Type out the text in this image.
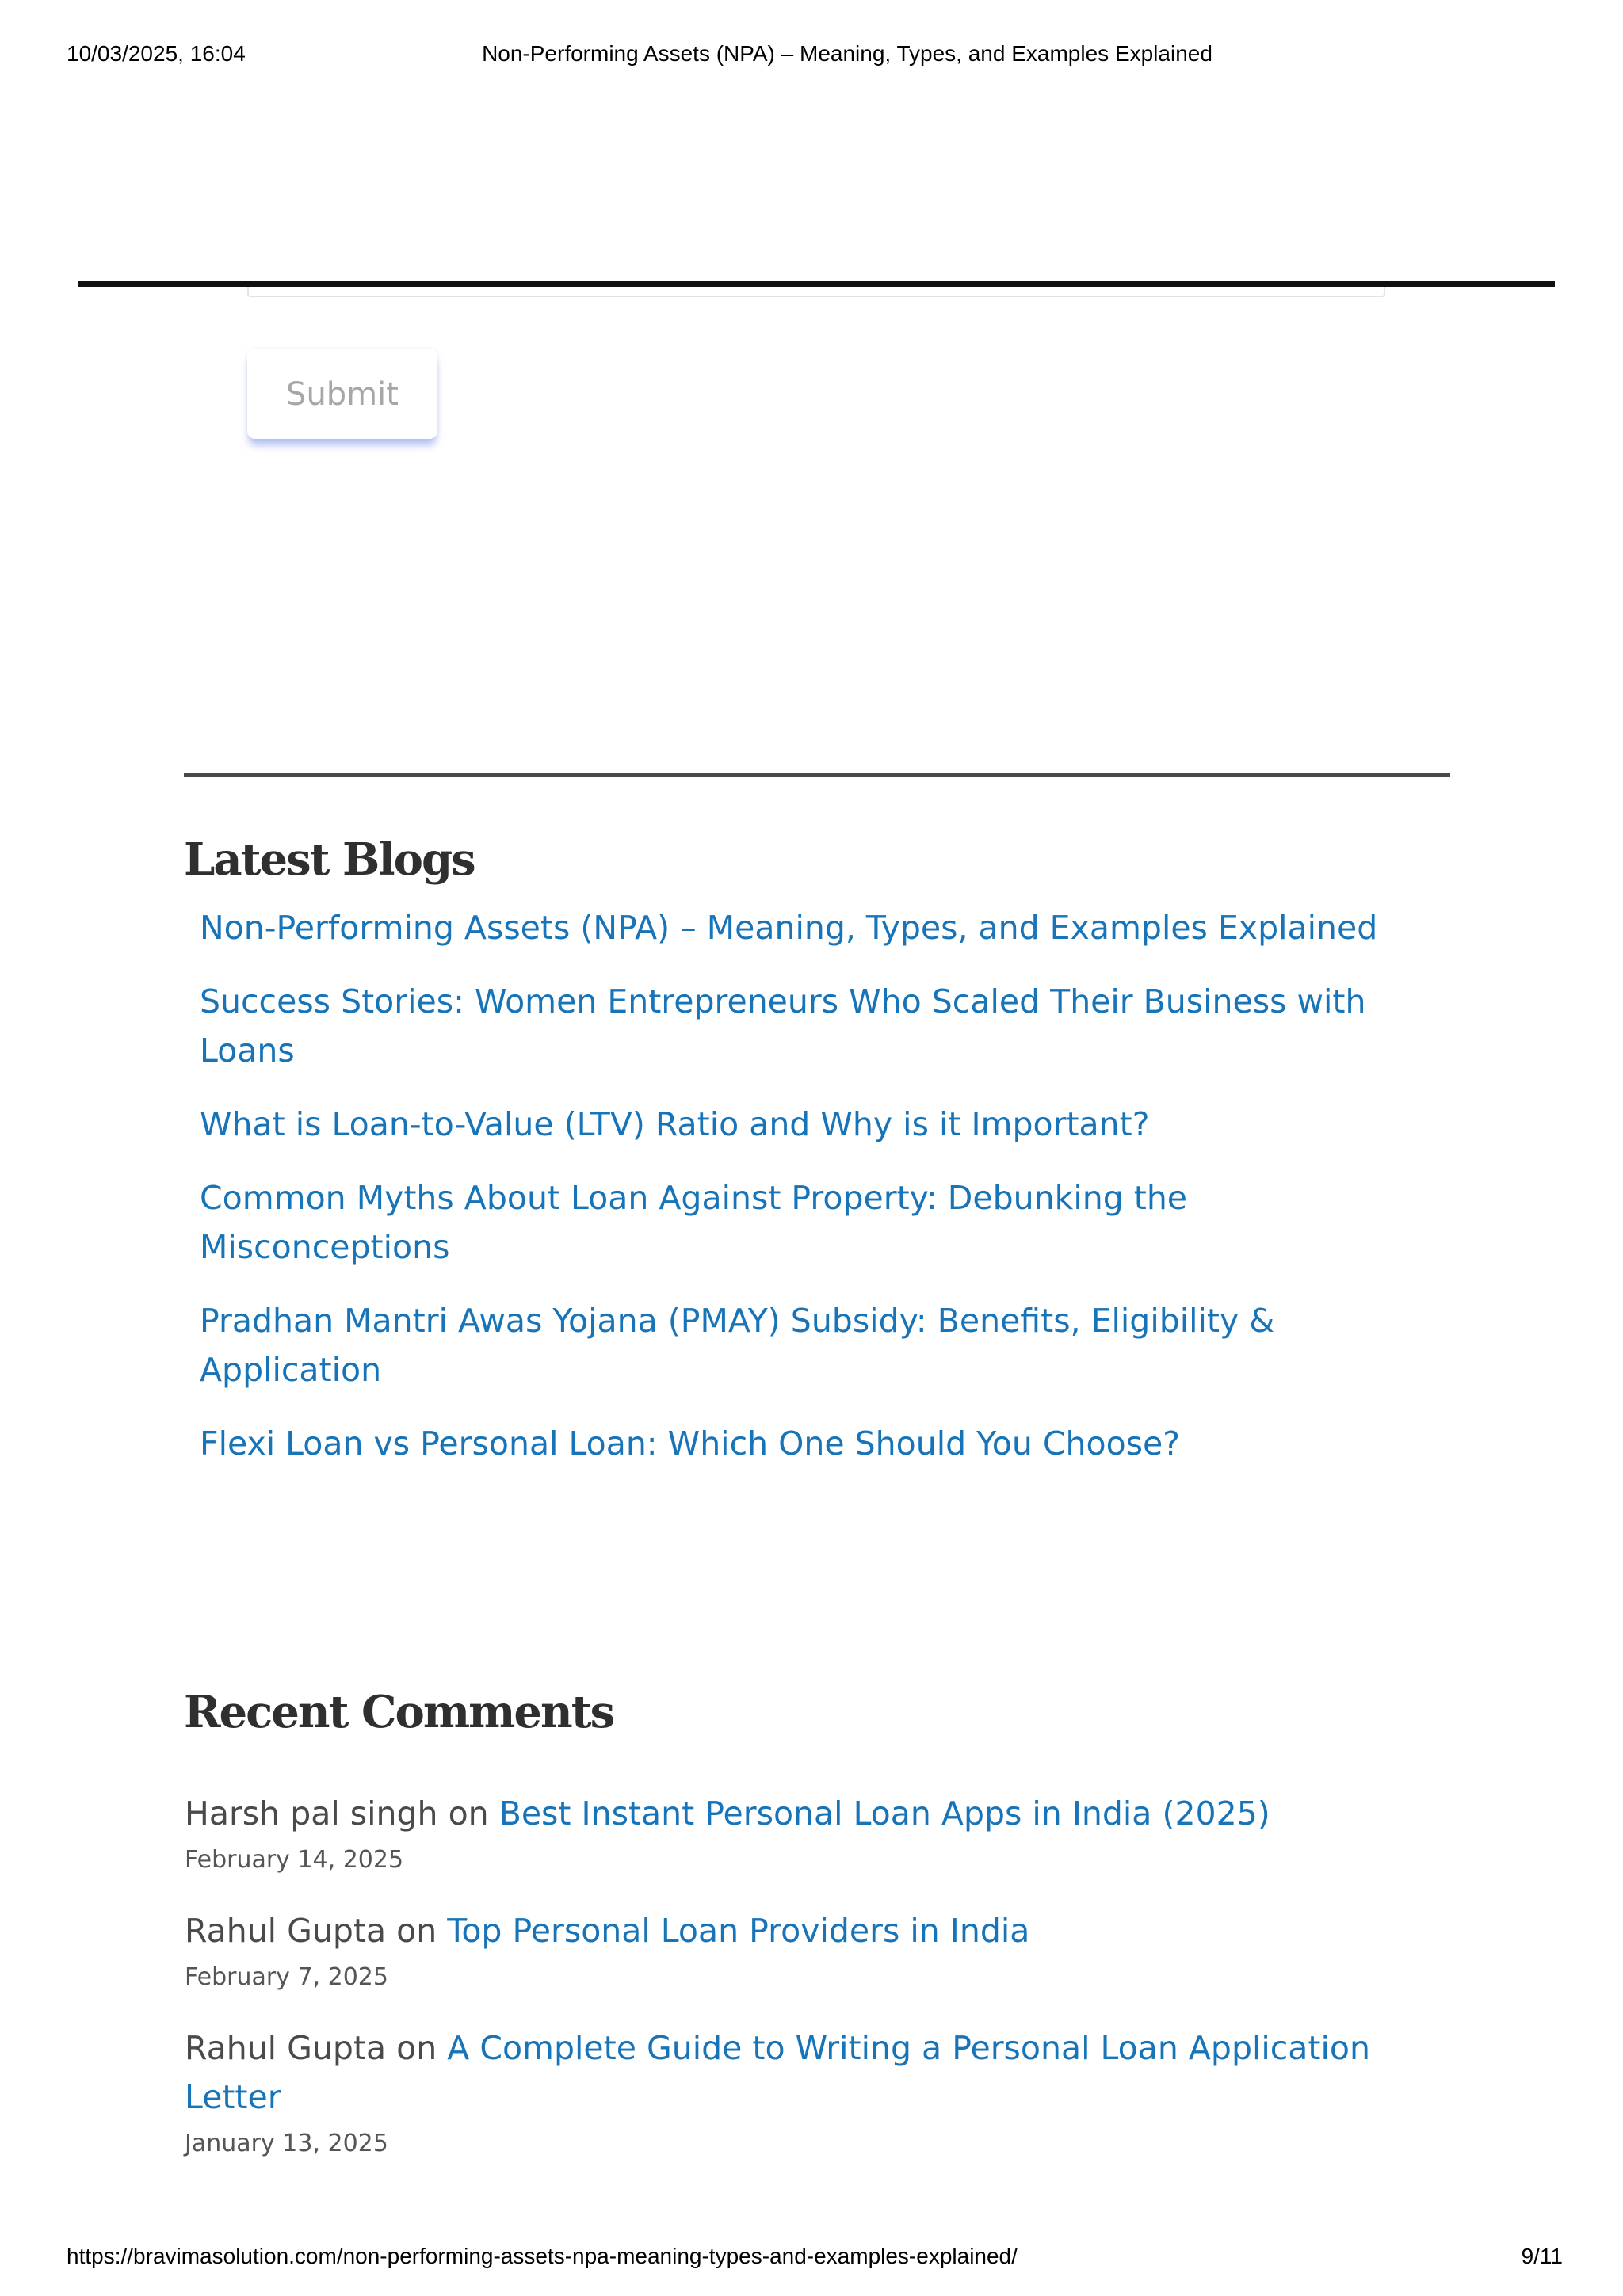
10/03/2025, 16:04	Non-Performing Assets (NPA) – Meaning, Types, and Examples Explained
Submit
Latest Blogs
Non-Performing Assets (NPA) – Meaning, Types, and Examples Explained
Success Stories: Women Entrepreneurs Who Scaled Their Business with Loans
What is Loan-to-Value (LTV) Ratio and Why is it Important?
Common Myths About Loan Against Property: Debunking the Misconceptions
Pradhan Mantri Awas Yojana (PMAY) Subsidy: Benefits, Eligibility & Application
Flexi Loan vs Personal Loan: Which One Should You Choose?
Recent Comments
Harsh pal singh on Best Instant Personal Loan Apps in India (2025)
February 14, 2025
Rahul Gupta on Top Personal Loan Providers in India
February 7, 2025
Rahul Gupta on A Complete Guide to Writing a Personal Loan Application Letter
January 13, 2025
https://bravimasolution.com/non-performing-assets-npa-meaning-types-and-examples-explained/	9/11
